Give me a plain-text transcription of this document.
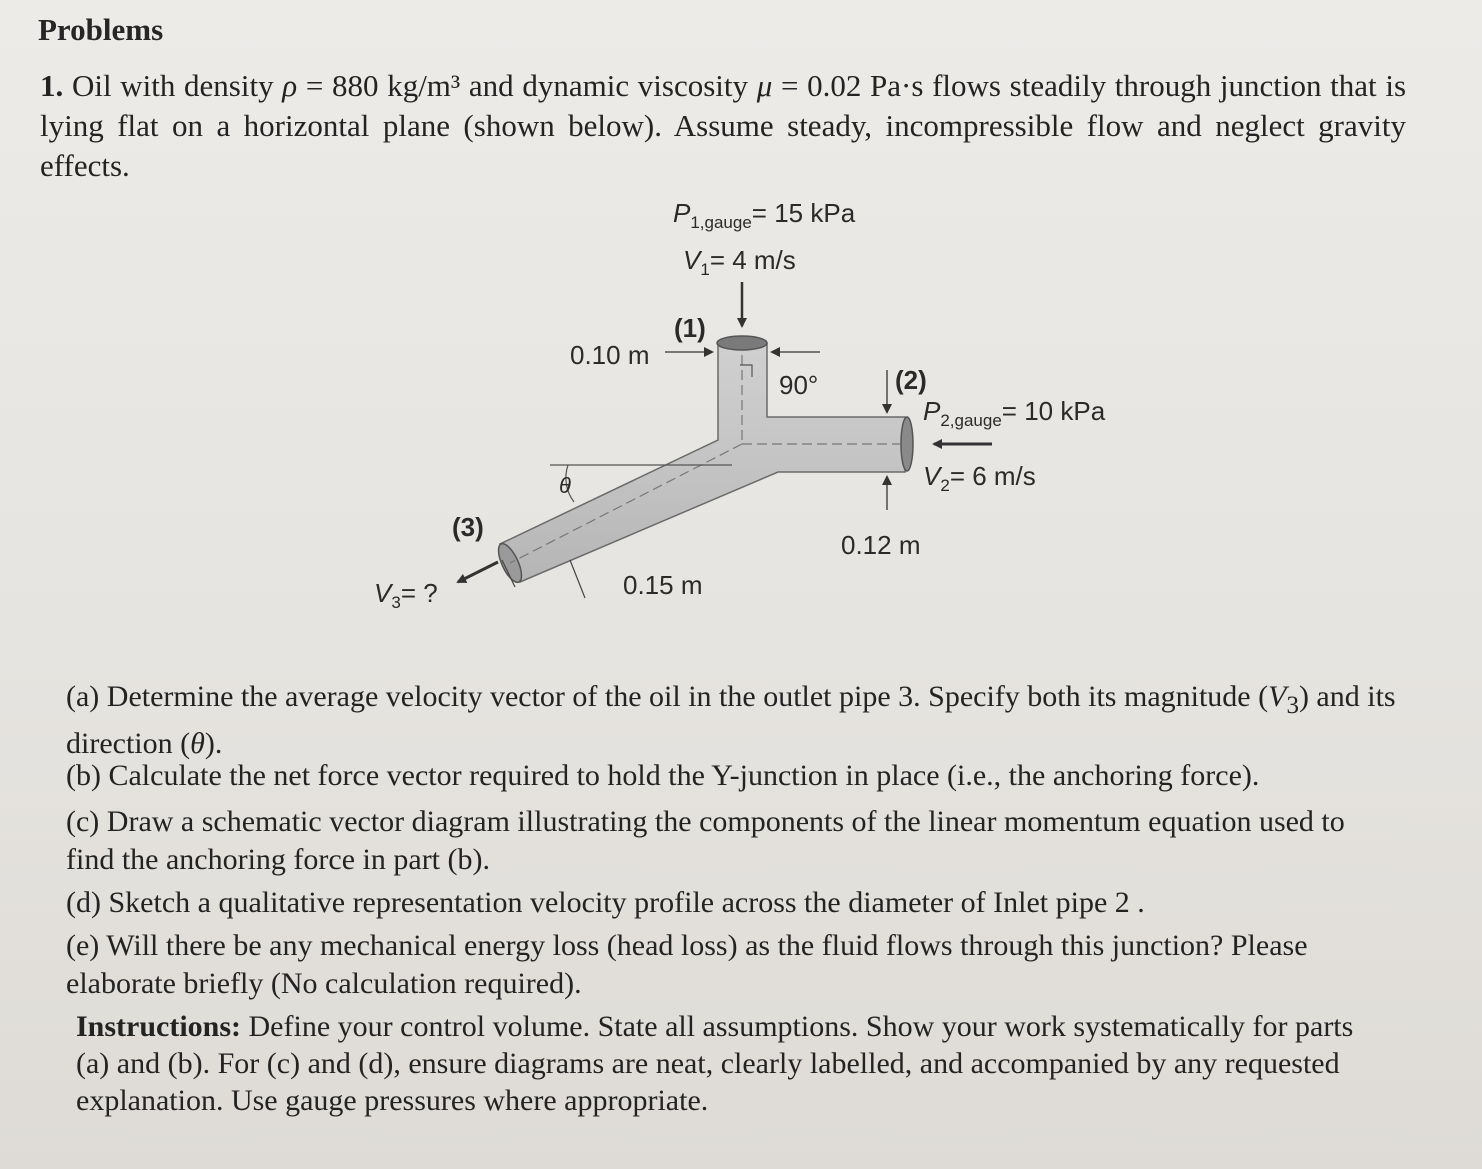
Problems
1. Oil with density ρ = 880 kg/m³ and dynamic viscosity μ = 0.02 Pa·s flows steadily through junction that is lying flat on a horizontal plane (shown below). Assume steady, incompressible flow and neglect gravity effects.
$P_{1,gauge}= 15$ kPa
$V_1= 4$ m/s
(1)
0.10 m
90°	(2)
$P_{2,gauge}= 10$ kPa
$V_2= 6$ m/s
θ
(3)
0.12 m
$V_3=$ ?	0.15 m
(a) Determine the average velocity vector of the oil in the outlet pipe 3. Specify both its magnitude $(V_3)$ and its direction (θ).
(b) Calculate the net force vector required to hold the Y-junction in place (i.e., the anchoring force).
(c) Draw a schematic vector diagram illustrating the components of the linear momentum equation used to find the anchoring force in part (b).
(d) Sketch a qualitative representation velocity profile across the diameter of Inlet pipe 2 .
(e) Will there be any mechanical energy loss (head loss) as the fluid flows through this junction? Please elaborate briefly (No calculation required).
Instructions: Define your control volume. State all assumptions. Show your work systematically for parts (a) and (b). For (c) and (d), ensure diagrams are neat, clearly labelled, and accompanied by any requested explanation. Use gauge pressures where appropriate.
